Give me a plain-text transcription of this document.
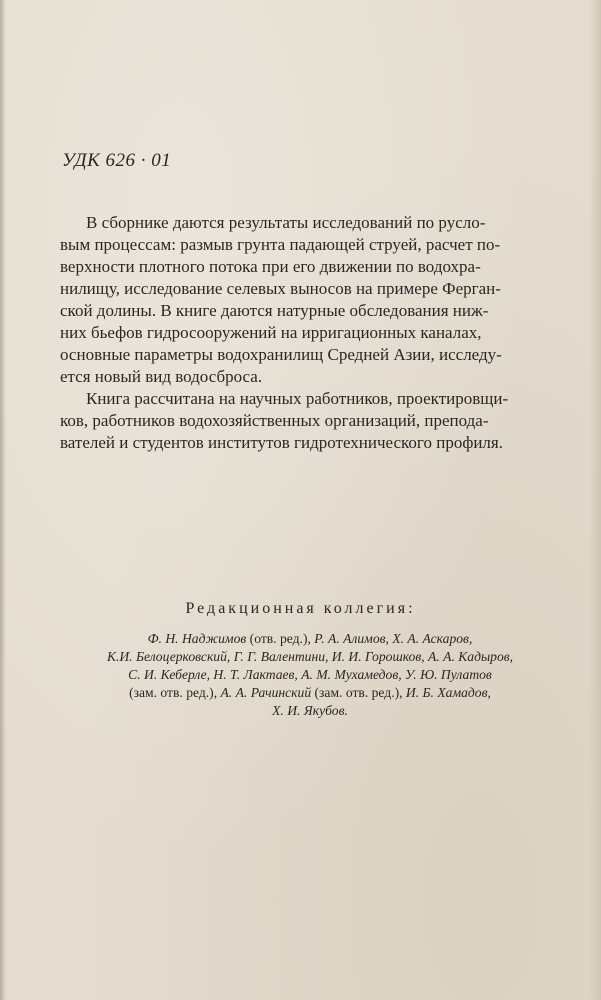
УДК 626 · 01

В сборнике даются результаты исследований по русло-

вым процессам: размыв грунта падающей струей, расчет по-

верхности плотного потока при его движении по водохра-

нилищу, исследование селевых выносов на примере Ферган-

ской долины. В книге даются натурные обследования ниж-

них бьефов гидросооружений на ирригационных каналах,

основные параметры водохранилищ Средней Азии, исследу-

ется новый вид водосброса.

Книга рассчитана на научных работников, проектировщи-

ков, работников водохозяйственных организаций, препода-

вателей и студентов институтов гидротехнического профиля.

Редакционная коллегия:
Ф. Н. Наджимов (отв. ред.), Р. А. Алимов, Х. А. Аскаров,
К.И. Белоцерковский, Г. Г. Валентини, И. И. Горошков, А. А. Кадыров,
С. И. Кеберле, Н. Т. Лактаев, А. М. Мухамедов, У. Ю. Пулатов
(зам. отв. ред.), А. А. Рачинский (зам. отв. ред.), И. Б. Хамадов,
Х. И. Якубов.
